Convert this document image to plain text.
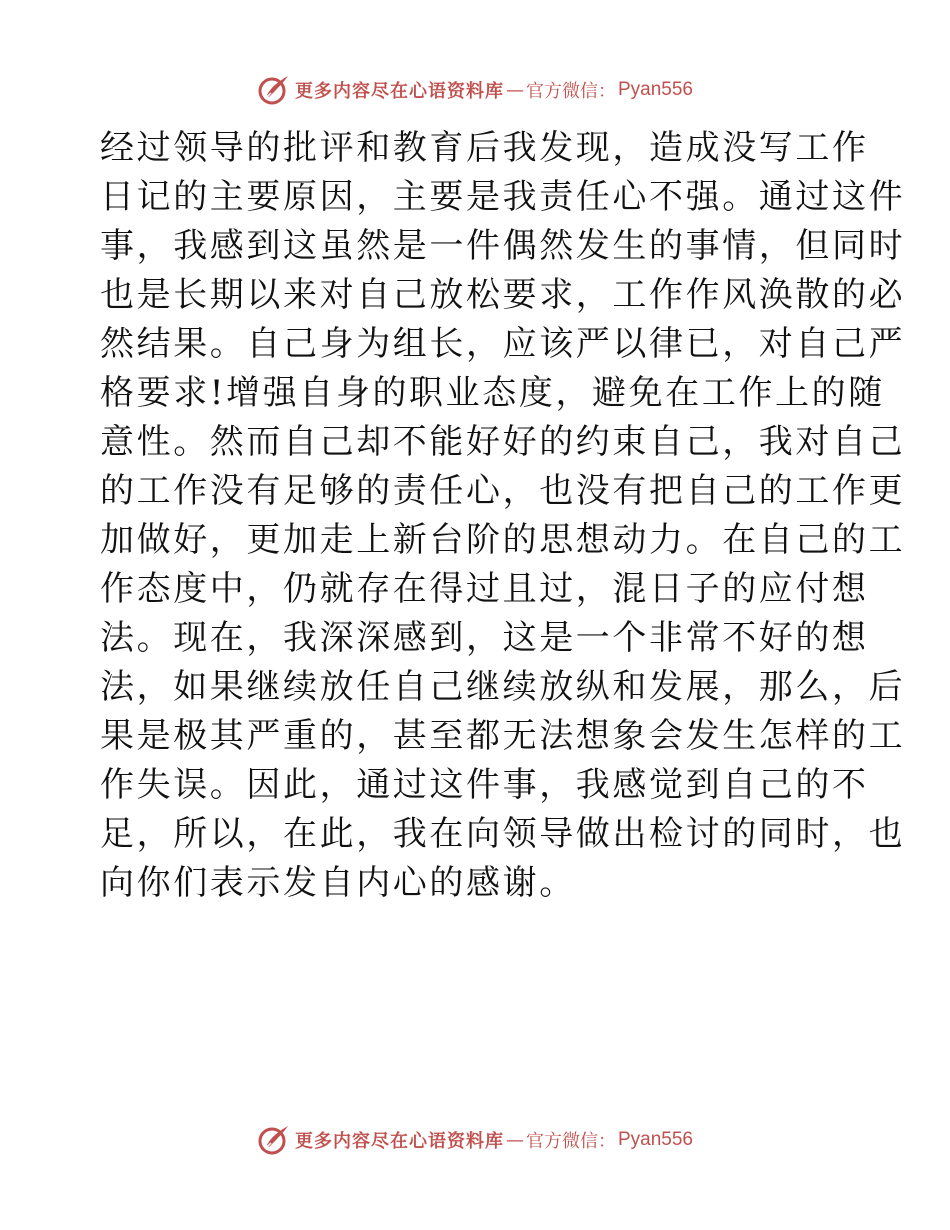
更多内容尽在心语资料库 — 官方微信： Pyan556
经过领导的批评和教育后我发现，造成没写工作
日记的主要原因，主要是我责任心不强。通过这件
事，我感到这虽然是一件偶然发生的事情，但同时
也是长期以来对自己放松要求，工作作风涣散的必
然结果。自己身为组长，应该严以律已，对自己严
格要求!增强自身的职业态度，避免在工作上的随
意性。然而自己却不能好好的约束自己，我对自己
的工作没有足够的责任心，也没有把自己的工作更
加做好，更加走上新台阶的思想动力。在自己的工
作态度中，仍就存在得过且过，混日子的应付想
法。现在，我深深感到，这是一个非常不好的想
法，如果继续放任自己继续放纵和发展，那么，后
果是极其严重的，甚至都无法想象会发生怎样的工
作失误。因此，通过这件事，我感觉到自己的不
足，所以，在此，我在向领导做出检讨的同时，也
向你们表示发自内心的感谢。
更多内容尽在心语资料库 — 官方微信： Pyan556
